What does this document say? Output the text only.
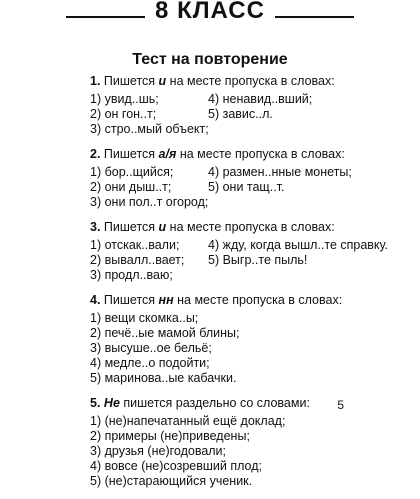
8 КЛАСС
Тест на повторение
1. Пишется и на месте пропуска в словах:
1) увид..шь;	4) ненавид..вший;
2) он гон..т;	5) завис..л.
3) стро..мый объект;
2. Пишется а/я на месте пропуска в словах:
1) бор..щийся;	4) размен..нные монеты;
2) они дыш..т;	5) они тащ..т.
3) они пол..т огород;
3. Пишется и на месте пропуска в словах:
1) отскак..вали;	4) жду, когда вышл..те справку.
2) вывалл..вает;	5) Выгр..те пыль!
3) продл..ваю;
4. Пишется нн на месте пропуска в словах:
1) вещи скомка..ы;
2) печё..ые мамой блины;
3) высуше..ое бельё;
4) медле..о подойти;
5) маринова..ые кабачки.
5. Не пишется раздельно со словами:
1) (не)напечатанный ещё доклад;
2) примеры (не)приведены;
3) друзья (не)годовали;
4) вовсе (не)созревший плод;
5) (не)старающийся ученик.
5
